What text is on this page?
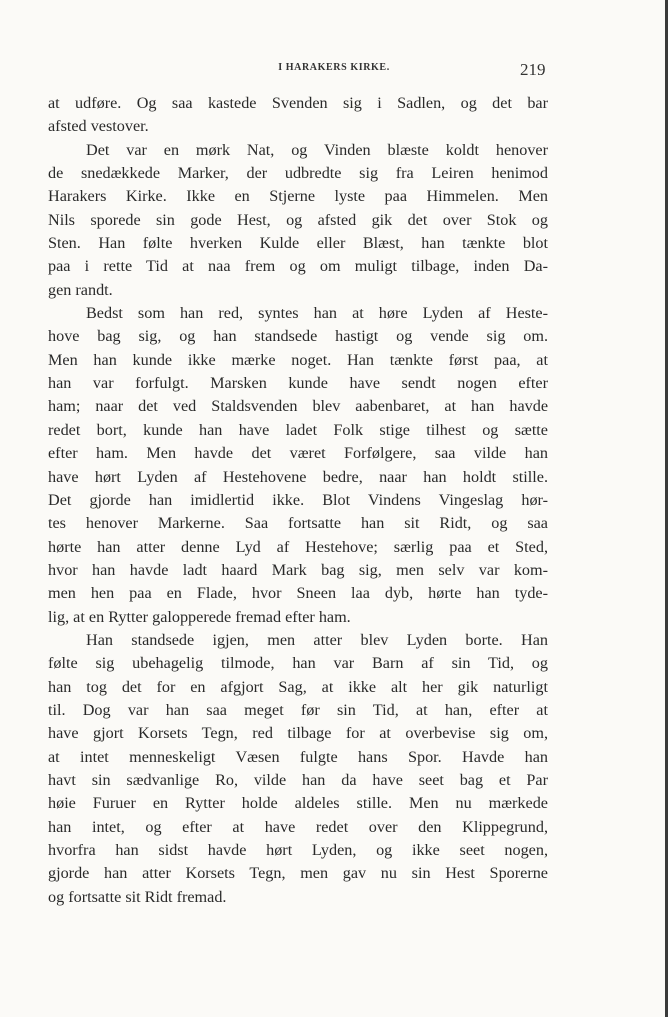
I HARAKERS KIRKE.	219
at udføre. Og saa kastede Svenden sig i Sadlen, og det bar
afsted vestover.
Det var en mørk Nat, og Vinden blæste koldt henover
de snedækkede Marker, der udbredte sig fra Leiren henimod
Harakers Kirke. Ikke en Stjerne lyste paa Himmelen. Men
Nils sporede sin gode Hest, og afsted gik det over Stok og
Sten. Han følte hverken Kulde eller Blæst, han tænkte blot
paa i rette Tid at naa frem og om muligt tilbage, inden Da-
gen randt.
Bedst som han red, syntes han at høre Lyden af Heste-
hove bag sig, og han standsede hastigt og vende sig om.
Men han kunde ikke mærke noget. Han tænkte først paa, at
han var forfulgt. Marsken kunde have sendt nogen efter
ham; naar det ved Staldsvenden blev aabenbaret, at han havde
redet bort, kunde han have ladet Folk stige tilhest og sætte
efter ham. Men havde det været Forfølgere, saa vilde han
have hørt Lyden af Hestehovene bedre, naar han holdt stille.
Det gjorde han imidlertid ikke. Blot Vindens Vingeslag hør-
tes henover Markerne. Saa fortsatte han sit Ridt, og saa
hørte han atter denne Lyd af Hestehove; særlig paa et Sted,
hvor han havde ladt haard Mark bag sig, men selv var kom-
men hen paa en Flade, hvor Sneen laa dyb, hørte han tyde-
lig, at en Rytter galopperede fremad efter ham.
Han standsede igjen, men atter blev Lyden borte. Han
følte sig ubehagelig tilmode, han var Barn af sin Tid, og
han tog det for en afgjort Sag, at ikke alt her gik naturligt
til. Dog var han saa meget før sin Tid, at han, efter at
have gjort Korsets Tegn, red tilbage for at overbevise sig om,
at intet menneskeligt Væsen fulgte hans Spor. Havde han
havt sin sædvanlige Ro, vilde han da have seet bag et Par
høie Furuer en Rytter holde aldeles stille. Men nu mærkede
han intet, og efter at have redet over den Klippegrund,
hvorfra han sidst havde hørt Lyden, og ikke seet nogen,
gjorde han atter Korsets Tegn, men gav nu sin Hest Sporerne
og fortsatte sit Ridt fremad.
